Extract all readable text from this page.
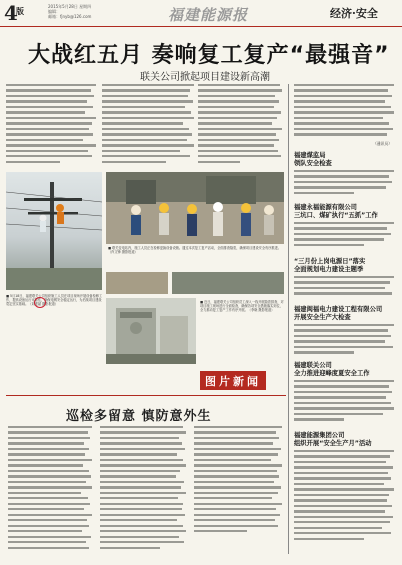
4
版
2015年5月28日 星期四
编辑：
邮箱：fjnyb@126.com	福建能源报	经济·安全
大战红五月 奏响复工复产“最强音”
联关公司掀起项目建设新高潮
■ 联关变电站内，施工人员正在检修更换设备设施。通过本次复工复产活动，全面排查隐患，确保项目建设安全有序推进。（肖文锋 摄影报道）
■ 5月18日，福建联关公司组织施工人员在项目现场开展设备检修工作，提高设备运行可靠性，确保电网安全稳定运行，为后续项目建设奠定坚实基础。（刘建斌 摄影报道）
■ 近日，福建联关公司组织员工深入一线开展隐患排查，对项目施工现场进行全面检查，确保各项安全措施落实到位，全力推动复工复产工作有序开展。（李晓 摄影报道）
图片新闻
巡检多留意 慎防意外生
（通讯员）
福建煤监局
领队安全检查
福建永福能源有限公司
三坑口、煤矿执行“五抓”工作
“三月份上岗电源日”落实
全面规划电力建设主题季
福建闽福电力建设工程有限公司
开展安全生产大检查
福建联关公司
全力推进迎峰度夏安全工作
福建能源集团公司
组织开展“安全生产月”活动
